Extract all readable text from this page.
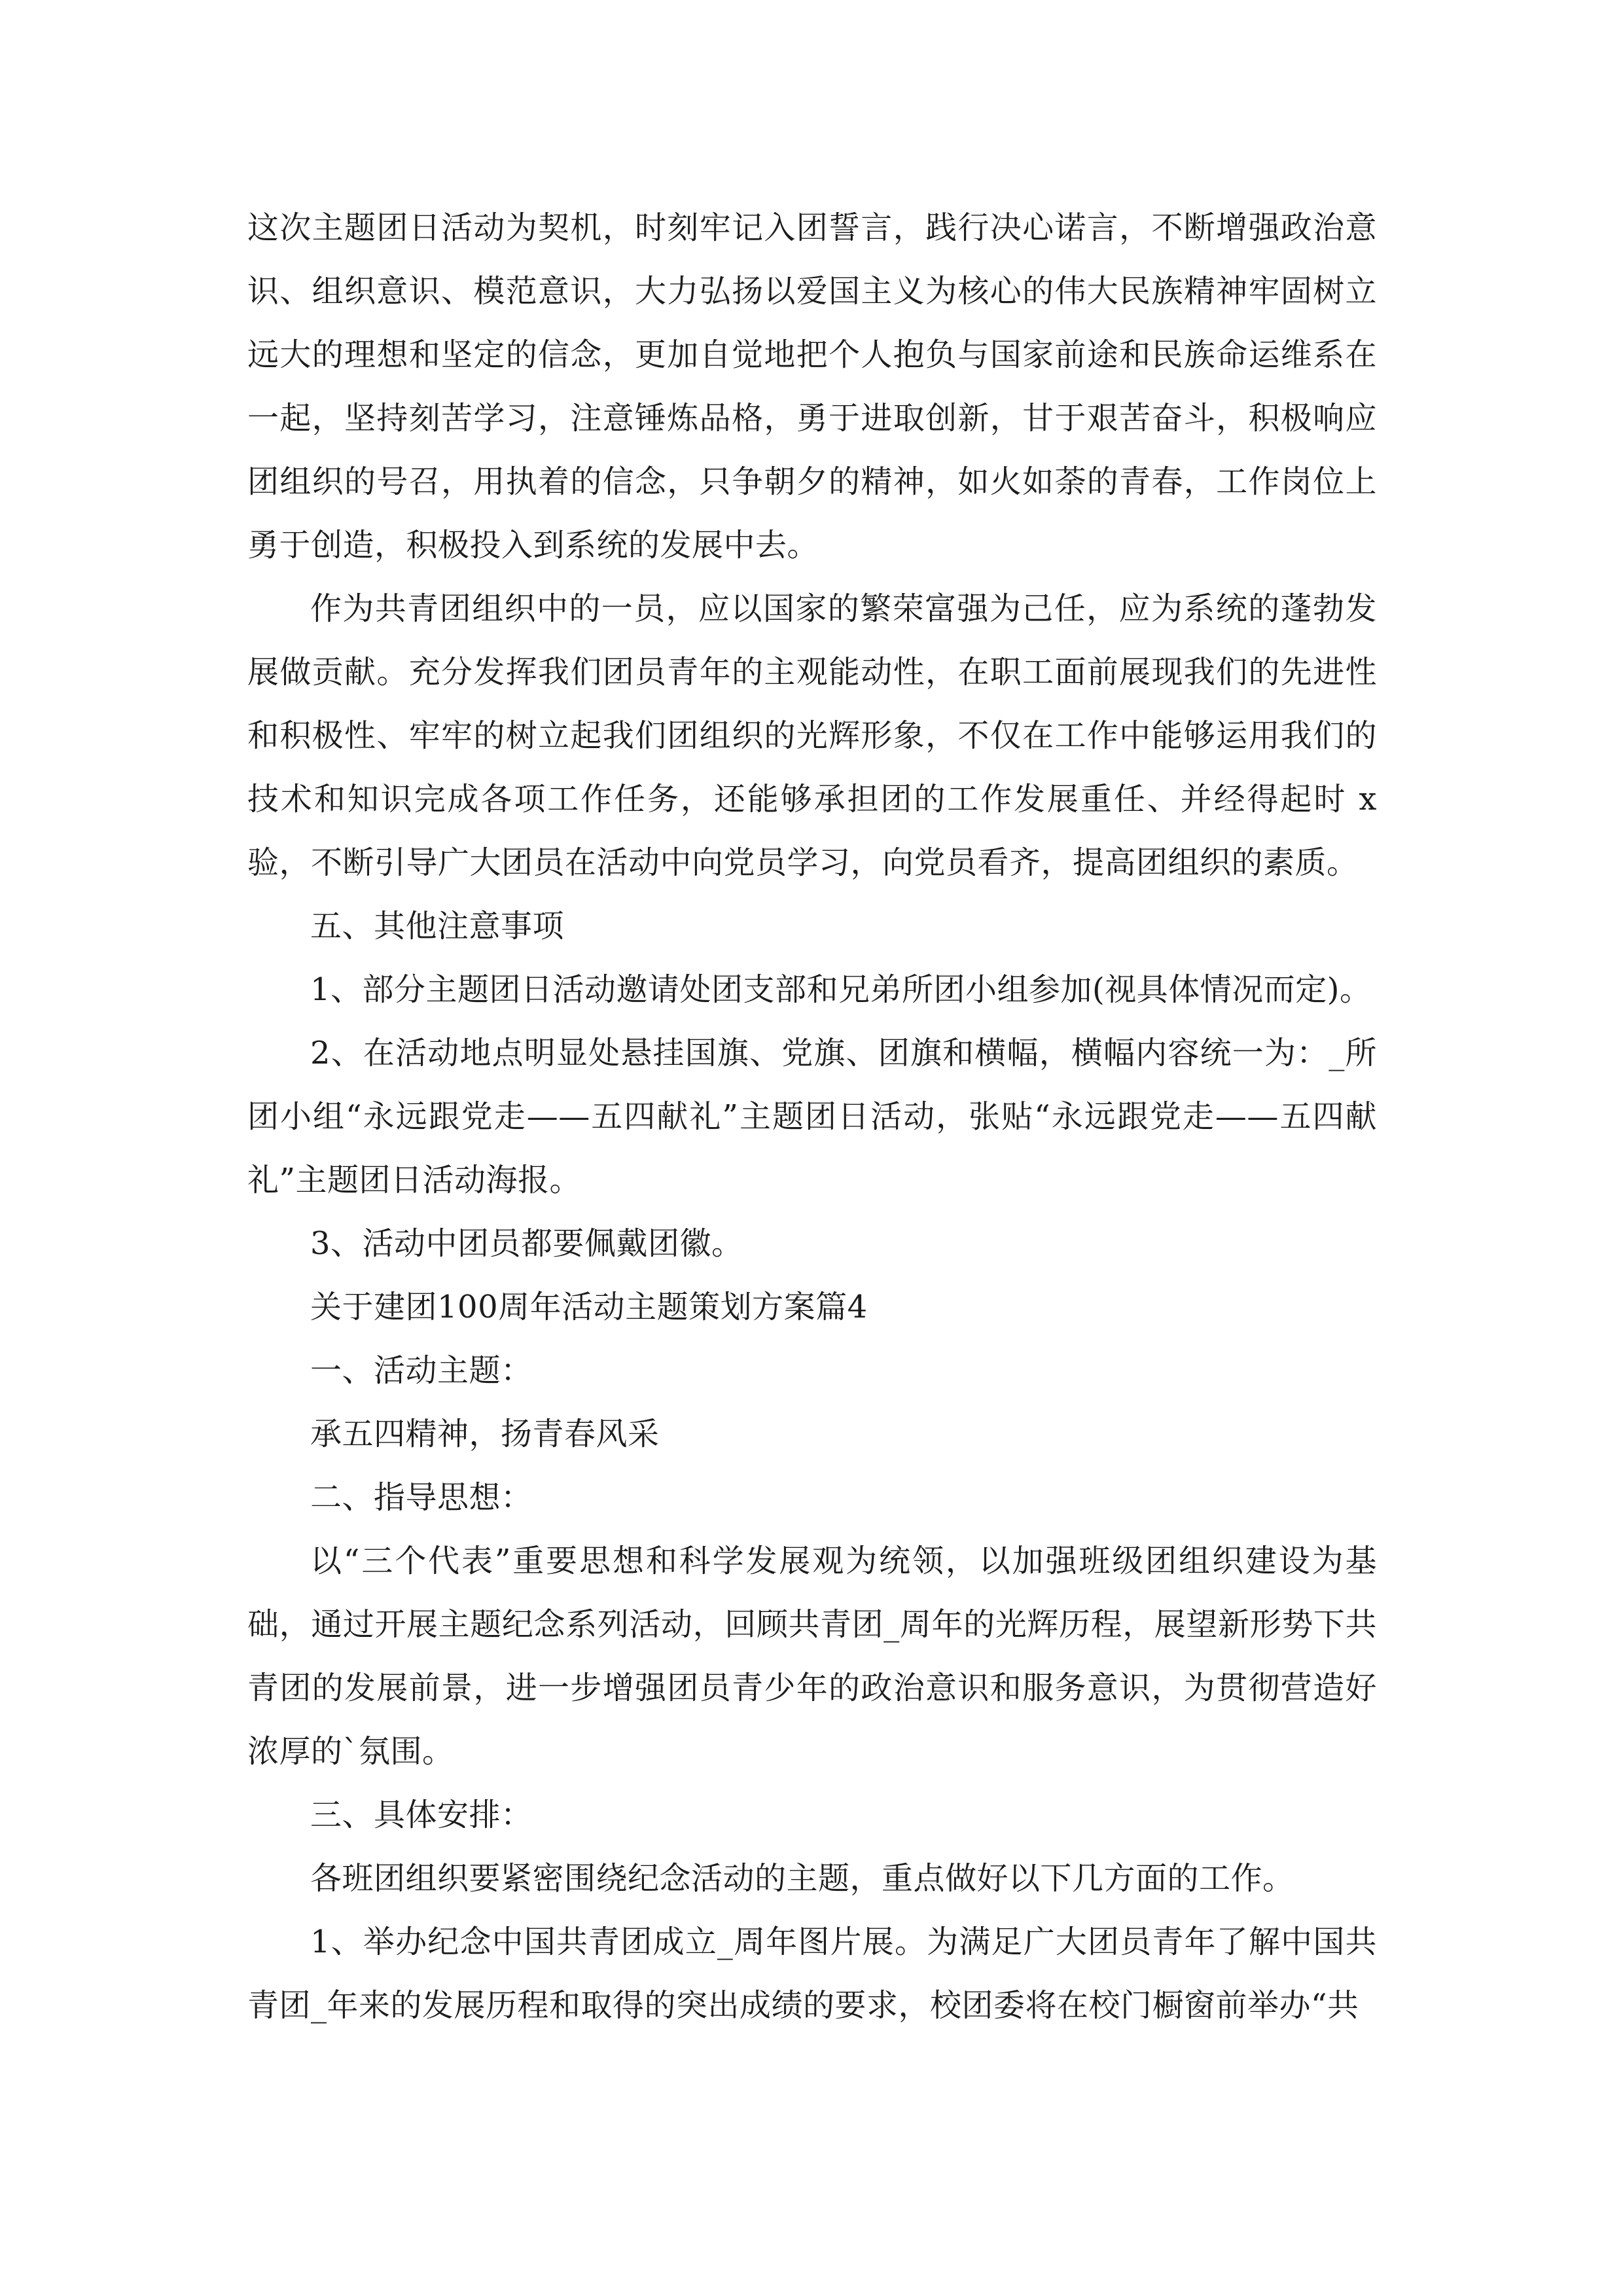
这次主题团日活动为契机，时刻牢记入团誓言，践行决心诺言，不断增强政治意识、组织意识、模范意识，大力弘扬以爱国主义为核心的伟大民族精神牢固树立远大的理想和坚定的信念，更加自觉地把个人抱负与国家前途和民族命运维系在一起，坚持刻苦学习，注意锤炼品格，勇于进取创新，甘于艰苦奋斗，积极响应团组织的号召，用执着的信念，只争朝夕的精神，如火如荼的青春，工作岗位上勇于创造，积极投入到系统的发展中去。

作为共青团组织中的一员，应以国家的繁荣富强为己任，应为系统的蓬勃发展做贡献。充分发挥我们团员青年的主观能动性，在职工面前展现我们的先进性和积极性、牢牢的树立起我们团组织的光辉形象，不仅在工作中能够运用我们的技术和知识完成各项工作任务，还能够承担团的工作发展重任、并经得起时 x 验，不断引导广大团员在活动中向党员学习，向党员看齐，提高团组织的素质。

五、其他注意事项

1、部分主题团日活动邀请处团支部和兄弟所团小组参加(视具体情况而定)。

2、在活动地点明显处悬挂国旗、党旗、团旗和横幅，横幅内容统一为：_所团小组“永远跟党走——五四献礼”主题团日活动，张贴“永远跟党走——五四献礼”主题团日活动海报。

3、活动中团员都要佩戴团徽。

关于建团100周年活动主题策划方案篇4

一、活动主题：

承五四精神，扬青春风采

二、指导思想：

以“三个代表”重要思想和科学发展观为统领，以加强班级团组织建设为基础，通过开展主题纪念系列活动，回顾共青团_周年的光辉历程，展望新形势下共青团的发展前景，进一步增强团员青少年的政治意识和服务意识，为贯彻营造好浓厚的`氛围。

三、具体安排：

各班团组织要紧密围绕纪念活动的主题，重点做好以下几方面的工作。

1、举办纪念中国共青团成立_周年图片展。为满足广大团员青年了解中国共青团_年来的发展历程和取得的突出成绩的要求，校团委将在校门橱窗前举办“共
